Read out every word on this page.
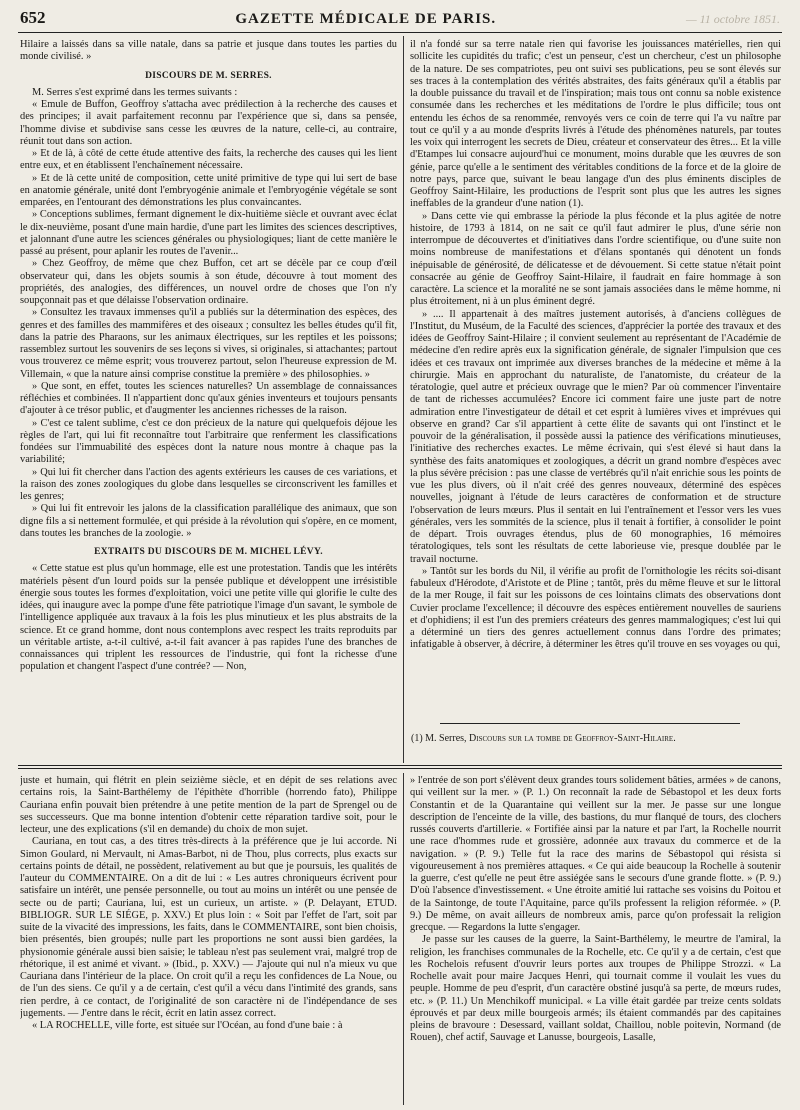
652	GAZETTE MÉDICALE DE PARIS.	— 11 octobre 1851.

Hilaire a laissés dans sa ville natale, dans sa patrie et jusque dans toutes les parties du monde civilisé. »

DISCOURS DE M. SERRES.

M. Serres s'est exprimé dans les termes suivants :

« Emule de Buffon, Geoffroy s'attacha avec prédilection à la recherche des causes et des principes; il avait parfaitement reconnu par l'expérience que si, dans sa pensée, l'homme divise et subdivise sans cesse les œuvres de la nature, celle-ci, au contraire, réunit tout dans son action.

» Et de là, à côté de cette étude attentive des faits, la recherche des causes qui les lient entre eux, et en établissent l'enchaînement nécessaire.

» Et de là cette unité de composition, cette unité primitive de type qui lui sert de base en anatomie générale, unité dont l'embryogénie animale et l'embryogénie végétale se sont emparées, en l'entourant des démonstrations les plus convaincantes.

» Conceptions sublimes, fermant dignement le dix-huitième siècle et ouvrant avec éclat le dix-neuvième, posant d'une main hardie, d'une part les limites des sciences descriptives, et jalonnant d'une autre les sciences générales ou physiologiques; liant de cette manière le passé au présent, pour aplanir les routes de l'avenir...

» Chez Geoffroy, de même que chez Buffon, cet art se décèle par ce coup d'œil observateur qui, dans les objets soumis à son étude, découvre à tout moment des propriétés, des analogies, des différences, un nouvel ordre de choses que l'on n'y soupçonnait pas et que délaisse l'observation ordinaire.

» Consultez les travaux immenses qu'il a publiés sur la détermination des espèces, des genres et des familles des mammifères et des oiseaux ; consultez les belles études qu'il fit, dans la patrie des Pharaons, sur les animaux électriques, sur les reptiles et les poissons; rassemblez surtout les souvenirs de ses leçons si vives, si originales, si attachantes; partout vous trouverez ce même esprit; vous trouverez partout, selon l'heureuse expression de M. Villemain, « que la nature ainsi comprise constitue la première » des philosophies. »

» Que sont, en effet, toutes les sciences naturelles? Un assemblage de connaissances réfléchies et combinées. Il n'appartient donc qu'aux génies inventeurs et toujours pensants d'ajouter à ce trésor public, et d'augmenter les anciennes richesses de la raison.

» C'est ce talent sublime, c'est ce don précieux de la nature qui quelquefois déjoue les règles de l'art, qui lui fit reconnaître tout l'arbitraire que renferment les classifications fondées sur l'immuabilité des espèces dont la nature nous montre à chaque pas la variabilité;

» Qui lui fit chercher dans l'action des agents extérieurs les causes de ces variations, et la raison des zones zoologiques du globe dans lesquelles se circonscrivent les familles et les genres;

» Qui lui fit entrevoir les jalons de la classification parallélique des animaux, que son digne fils a si nettement formulée, et qui préside à la révolution qui s'opère, en ce moment, dans toutes les branches de la zoologie. »

EXTRAITS DU DISCOURS DE M. MICHEL LÉVY.

« Cette statue est plus qu'un hommage, elle est une protestation. Tandis que les intérêts matériels pèsent d'un lourd poids sur la pensée publique et développent une irrésistible énergie sous toutes les formes d'exploitation, voici une petite ville qui glorifie le culte des idées, qui inaugure avec la pompe d'une fête patriotique l'image d'un savant, le symbole de l'intelligence appliquée aux travaux à la fois les plus minutieux et les plus abstraits de la science. Et ce grand homme, dont nous contemplons avec respect les traits reproduits par un véritable artiste, a-t-il cultivé, a-t-il fait avancer à pas rapides l'une des branches de connaissances qui triplent les ressources de l'industrie, qui font la richesse d'une population et changent l'aspect d'une contrée? — Non,

il n'a fondé sur sa terre natale rien qui favorise les jouissances matérielles, rien qui sollicite les cupidités du trafic; c'est un penseur, c'est un chercheur, c'est un philosophe de la nature. De ses compatriotes, peu ont suivi ses publications, peu se sont élevés sur ses traces à la contemplation des vérités abstraites, des faits généraux qu'il a établis par la double puissance du travail et de l'inspiration; mais tous ont connu sa noble existence consumée dans les recherches et les méditations de l'ordre le plus difficile; tous ont entendu les échos de sa renommée, renvoyés vers ce coin de terre qui l'a vu naître par tout ce qu'il y a au monde d'esprits livrés à l'étude des phénomènes naturels, par toutes les voix qui interrogent les secrets de Dieu, créateur et conservateur des êtres... Et la ville d'Etampes lui consacre aujourd'hui ce monument, moins durable que les œuvres de son génie, parce qu'elle a le sentiment des véritables conditions de la force et de la gloire de notre pays, parce que, suivant le beau langage d'un des plus éminents disciples de Geoffroy Saint-Hilaire, les productions de l'esprit sont plus que les autres les signes ineffables de la grandeur d'une nation (1).

» Dans cette vie qui embrasse la période la plus féconde et la plus agitée de notre histoire, de 1793 à 1814, on ne sait ce qu'il faut admirer le plus, d'une série non interrompue de découvertes et d'initiatives dans l'ordre scientifique, ou d'une suite non moins nombreuse de manifestations et d'élans spontanés qui dénotent un fonds inépuisable de générosité, de délicatesse et de dévouement. Si cette statue n'était point consacrée au génie de Geoffroy Saint-Hilaire, il faudrait en faire hommage à son caractère. La science et la moralité ne se sont jamais associées dans le même homme, ni plus étroitement, ni à un plus éminent degré.

» .... Il appartenait à des maîtres justement autorisés, à d'anciens collègues de l'Institut, du Muséum, de la Faculté des sciences, d'apprécier la portée des travaux et des idées de Geoffroy Saint-Hilaire ; il convient seulement au représentant de l'Académie de médecine d'en redire après eux la signification générale, de signaler l'impulsion que ces idées et ces travaux ont imprimée aux diverses branches de la médecine et même à la chirurgie. Mais en approchant du naturaliste, de l'anatomiste, du créateur de la tératologie, quel autre et précieux ouvrage que le mien? Par où commencer l'inventaire de tant de richesses accumulées? Encore ici comment faire une juste part de notre admiration entre l'investigateur de détail et cet esprit à lumières vives et imprévues qui observe en grand? Car s'il appartient à cette élite de savants qui ont l'instinct et le pouvoir de la généralisation, il possède aussi la patience des vérifications minutieuses, l'initiative des recherches exactes. Le même écrivain, qui s'est élevé si haut dans la synthèse des faits anatomiques et zoologiques, a décrit un grand nombre d'espèces avec la plus sévère précision : pas une classe de vertébrés qu'il n'ait enrichie sous les points de vue les plus divers, où il n'ait créé des genres nouveaux, déterminé des espèces nouvelles, joignant à l'étude de leurs caractères de conformation et de structure l'observation de leurs mœurs. Plus il sentait en lui l'entraînement et l'essor vers les vues générales, vers les sommités de la science, plus il tenait à fortifier, à consolider le point de départ. Trois ouvrages étendus, plus de 60 monographies, 16 mémoires tératologiques, tels sont les résultats de cette laborieuse vie, presque doublée par le travail nocturne.

» Tantôt sur les bords du Nil, il vérifie au profit de l'ornithologie les récits soi-disant fabuleux d'Hérodote, d'Aristote et de Pline ; tantôt, près du même fleuve et sur le littoral de la mer Rouge, il fait sur les poissons de ces lointains climats des observations dont Cuvier proclame l'excellence; il découvre des espèces entièrement nouvelles de sauriens et d'ophidiens; il est l'un des premiers créateurs des genres mammalogiques; c'est lui qui a déterminé un tiers des genres actuellement connus dans l'ordre des primates; infatigable à observer, à décrire, à déterminer les êtres qu'il trouve en ses voyages ou qui,

(1) M. Serres, Discours sur la tombe de Geoffroy-Saint-Hilaire.

juste et humain, qui flétrit en plein seizième siècle, et en dépit de ses relations avec certains rois, la Saint-Barthélemy de l'épithète d'horrible (horrendo fato), Philippe Cauriana enfin pouvait bien prétendre à une petite mention de la part de Sprengel ou de ses successeurs. Que ma bonne intention d'obtenir cette réparation tardive soit, pour le lecteur, une des explications (s'il en demande) du choix de mon sujet.

Cauriana, en tout cas, a des titres très-directs à la préférence que je lui accorde. Ni Simon Goulard, ni Mervault, ni Amas-Barbot, ni de Thou, plus corrects, plus exacts sur certains points de détail, ne possèdent, relativement au but que je poursuis, les qualités de l'auteur du COMMENTAIRE. On a dit de lui : « Les autres chroniqueurs écrivent pour satisfaire un intérêt, une pensée personnelle, ou tout au moins un intérêt ou une pensée de secte ou de parti; Cauriana, lui, est un curieux, un artiste. » (P. Delayant, ETUD. BIBLIOGR. SUR LE SIÉGE, p. XXV.) Et plus loin : « Soit par l'effet de l'art, soit par suite de la vivacité des impressions, les faits, dans le COMMENTAIRE, sont bien choisis, bien présentés, bien groupés; nulle part les proportions ne sont aussi bien gardées, la physionomie générale aussi bien saisie; le tableau n'est pas seulement vrai, malgré trop de rhétorique, il est animé et vivant. » (Ibid., p. XXV.) — J'ajoute qui nul n'a mieux vu que Cauriana dans l'intérieur de la place. On croit qu'il a reçu les confidences de La Noue, ou de l'un des siens. Ce qu'il y a de certain, c'est qu'il a vécu dans l'intimité des grands, sans rien perdre, à ce contact, de l'originalité de son caractère ni de l'indépendance de ses jugements. — J'entre dans le récit, écrit en latin assez correct.

« LA ROCHELLE, ville forte, est située sur l'Océan, au fond d'une baie : à

» l'entrée de son port s'élèvent deux grandes tours solidement bâties, armées » de canons, qui veillent sur la mer. » (P. 1.) On reconnaît la rade de Sébastopol et les deux forts Constantin et de la Quarantaine qui veillent sur la mer. Je passe sur une longue description de l'enceinte de la ville, des bastions, du mur flanqué de tours, des clochers russés couverts d'artillerie. « Fortifiée ainsi par la nature et par l'art, la Rochelle nourrit une race d'hommes rude et grossière, adonnée aux travaux du commerce et de la navigation. » (P. 9.) Telle fut la race des marins de Sébastopol qui résista si vigoureusement à nos premières attaques. « Ce qui aide beaucoup la Rochelle à soutenir la guerre, c'est qu'elle ne peut être assiégée sans le secours d'une grande flotte. » (P. 9.) D'où l'absence d'investissement. « Une étroite amitié lui rattache ses voisins du Poitou et de la Saintonge, de toute l'Aquitaine, parce qu'ils professent la religion réformée. » (P. 9.) De même, on avait ailleurs de nombreux amis, parce qu'on professait la religion grecque. — Regardons la lutte s'engager.

Je passe sur les causes de la guerre, la Saint-Barthélemy, le meurtre de l'amiral, la religion, les franchises communales de la Rochelle, etc. Ce qu'il y a de certain, c'est que les Rochelois refusent d'ouvrir leurs portes aux troupes de Philippe Strozzi. « La Rochelle avait pour maire Jacques Henri, qui tournait comme il voulait les vues du peuple. Homme de peu d'esprit, d'un caractère obstiné jusqu'à sa perte, de mœurs rudes, etc. » (P. 11.) Un Menchikoff municipal. « La ville était gardée par treize cents soldats éprouvés et par deux mille bourgeois armés; ils étaient commandés par des capitaines pleins de bravoure : Desessard, vaillant soldat, Chaillou, noble poitevin, Normand (de Rouen), chef actif, Sauvage et Lanusse, bourgeois, Lasalle,
